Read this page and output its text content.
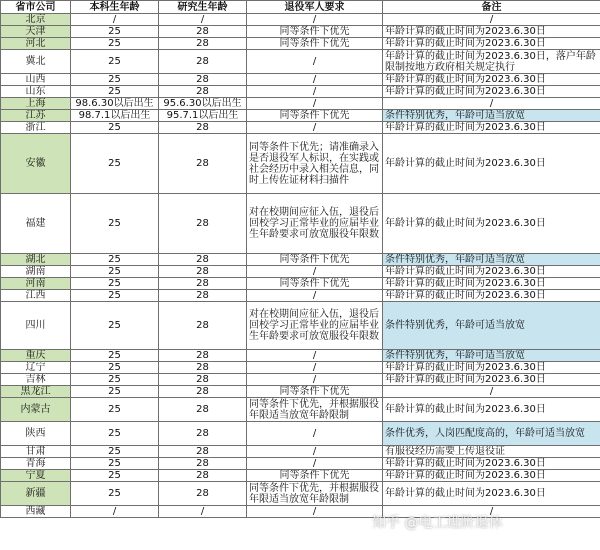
省市公司	本科生年龄	研究生年龄	退役军人要求	备注
北京	/	/	/	/
天津	25	28	同等条件下优先	年龄计算的截止时间为2023.6.30日
河北	25	28	同等条件下优先	年龄计算的截止时间为2023.6.30日
冀北	25	28	/	年龄计算的截止时间为2023.6.30日，落户年龄限制按地方政府相关规定执行
山西	25	28	/	年龄计算的截止时间为2023.6.30日
山东	25	28	/	年龄计算的截止时间为2023.6.30日
上海	98.6.30以后出生	95.6.30以后出生	/	/
江苏	98.7.1以后出生	95.7.1以后出生	同等条件下优先	条件特别优秀，年龄可适当放宽
浙江	25	28	/	年龄计算的截止时间为2023.6.30日
安徽	25	28	同等条件下优先；请准确录入是否退役军人标识，在实践或社会经历中录入相关信息，同时上传佐证材料扫描件	年龄计算的截止时间为2023.6.30日
福建	25	28	对在校期间应征入伍，退役后回校学习正常毕业的应届毕业生年龄要求可放宽服役年限数	年龄计算的截止时间为2023.6.30日
湖北	25	28	同等条件下优先	条件特别优秀，年龄可适当放宽
湖南	25	28	/	年龄计算的截止时间为2023.6.30日
河南	25	28	同等条件下优先	年龄计算的截止时间为2023.6.30日
江西	25	28	/	年龄计算的截止时间为2023.6.30日
四川	25	28	对在校期间应征入伍，退役后回校学习正常毕业的应届毕业生年龄要求可放宽服役年限数	条件特别优秀，年龄可适当放宽
重庆	25	28	/	条件特别优秀，年龄可适当放宽
辽宁	25	28	/	年龄计算的截止时间为2023.6.30日
吉林	25	28	/	年龄计算的截止时间为2023.6.30日
黑龙江	25	28	同等条件下优先	/
内蒙古	25	28	同等条件下优先，并根据服役年限适当放宽年龄限制	年龄计算的截止时间为2023.6.30日
陕西	25	28	/	条件优秀，人岗匹配度高的，年龄可适当放宽
甘肃	25	28	/	有服役经历需要上传退役证
青海	25	28	/	年龄计算的截止时间为2023.6.30日
宁夏	25	28	同等条件下优先	年龄计算的截止时间为2023.6.30日
新疆	25	28	同等条件下优先，并根据服役年限适当放宽年龄限制	年龄计算的截止时间为2023.6.30日
西藏	/	/	/	/
知乎 @电工进阶退休
